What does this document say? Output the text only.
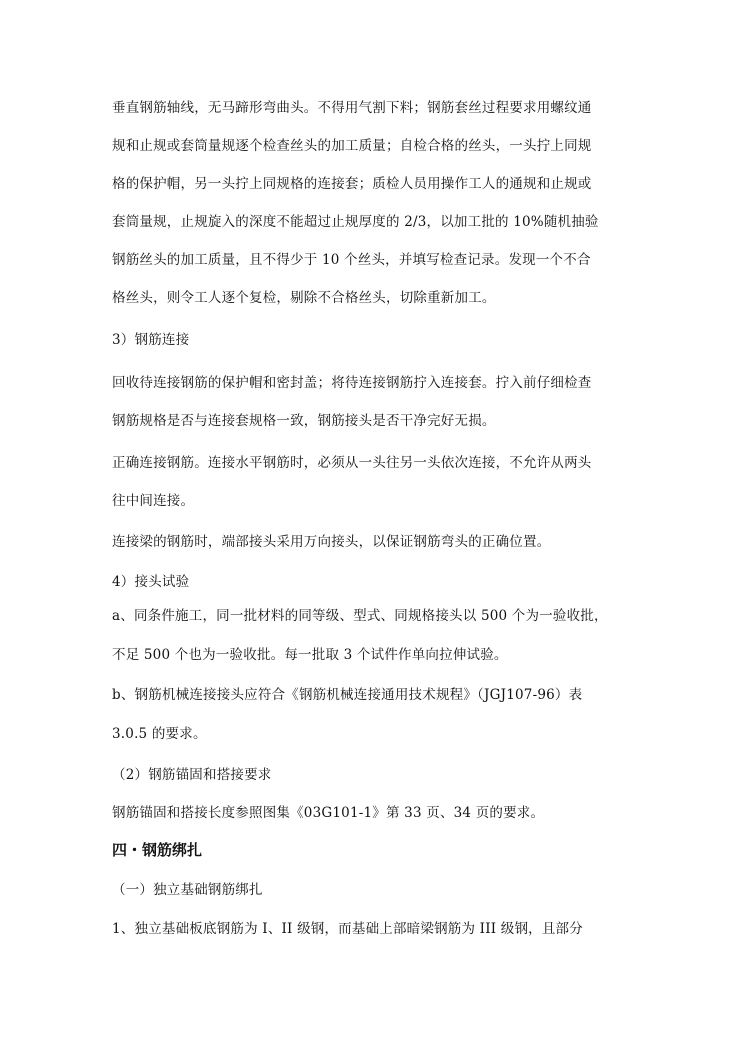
垂直钢筋轴线，无马蹄形弯曲头。不得用气割下料；钢筋套丝过程要求用螺纹通
规和止规或套筒量规逐个检查丝头的加工质量；自检合格的丝头，一头拧上同规
格的保护帽，另一头拧上同规格的连接套；质检人员用操作工人的通规和止规或
套筒量规，止规旋入的深度不能超过止规厚度的 2/3，以加工批的 10%随机抽验
钢筋丝头的加工质量，且不得少于 10 个丝头，并填写检查记录。发现一个不合
格丝头，则令工人逐个复检，剔除不合格丝头，切除重新加工。
3）钢筋连接
回收待连接钢筋的保护帽和密封盖；将待连接钢筋拧入连接套。拧入前仔细检查
钢筋规格是否与连接套规格一致，钢筋接头是否干净完好无损。
正确连接钢筋。连接水平钢筋时，必须从一头往另一头依次连接，不允许从两头
往中间连接。
连接梁的钢筋时，端部接头采用万向接头，以保证钢筋弯头的正确位置。
4）接头试验
a、同条件施工，同一批材料的同等级、型式、同规格接头以 500 个为一验收批，
不足 500 个也为一验收批。每一批取 3 个试件作单向拉伸试验。
b、钢筋机械连接接头应符合《钢筋机械连接通用技术规程》（JGJ107-96）表
3.0.5 的要求。
（2）钢筋锚固和搭接要求
钢筋锚固和搭接长度参照图集《03G101-1》第 33 页、34 页的要求。
四・钢筋绑扎
（一）独立基础钢筋绑扎
1、独立基础板底钢筋为 I、II 级钢，而基础上部暗梁钢筋为 III 级钢，且部分
